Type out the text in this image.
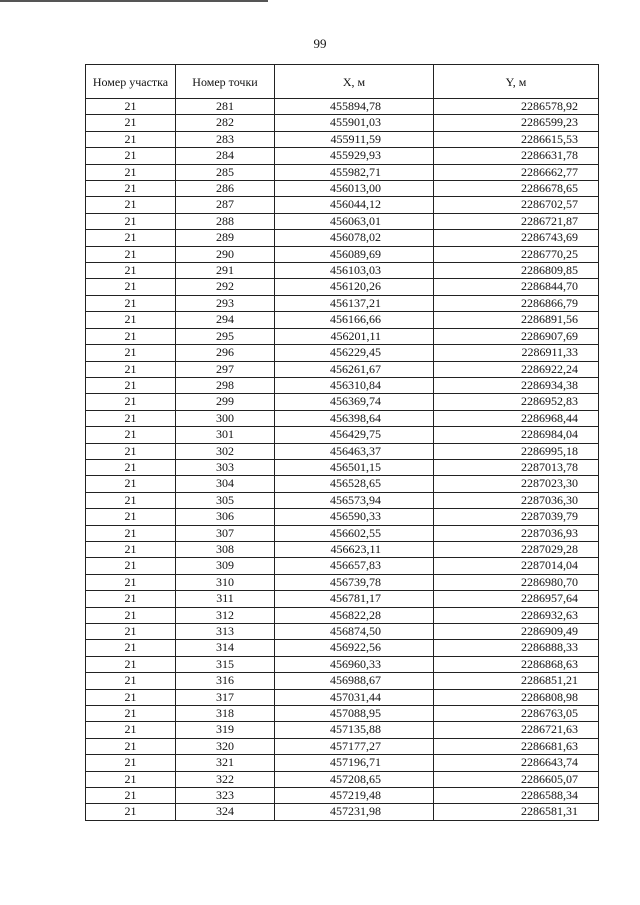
99
Номер участка	Номер точки	X, м	Y, м
21	281	455894,78	2286578,92
21	282	455901,03	2286599,23
21	283	455911,59	2286615,53
21	284	455929,93	2286631,78
21	285	455982,71	2286662,77
21	286	456013,00	2286678,65
21	287	456044,12	2286702,57
21	288	456063,01	2286721,87
21	289	456078,02	2286743,69
21	290	456089,69	2286770,25
21	291	456103,03	2286809,85
21	292	456120,26	2286844,70
21	293	456137,21	2286866,79
21	294	456166,66	2286891,56
21	295	456201,11	2286907,69
21	296	456229,45	2286911,33
21	297	456261,67	2286922,24
21	298	456310,84	2286934,38
21	299	456369,74	2286952,83
21	300	456398,64	2286968,44
21	301	456429,75	2286984,04
21	302	456463,37	2286995,18
21	303	456501,15	2287013,78
21	304	456528,65	2287023,30
21	305	456573,94	2287036,30
21	306	456590,33	2287039,79
21	307	456602,55	2287036,93
21	308	456623,11	2287029,28
21	309	456657,83	2287014,04
21	310	456739,78	2286980,70
21	311	456781,17	2286957,64
21	312	456822,28	2286932,63
21	313	456874,50	2286909,49
21	314	456922,56	2286888,33
21	315	456960,33	2286868,63
21	316	456988,67	2286851,21
21	317	457031,44	2286808,98
21	318	457088,95	2286763,05
21	319	457135,88	2286721,63
21	320	457177,27	2286681,63
21	321	457196,71	2286643,74
21	322	457208,65	2286605,07
21	323	457219,48	2286588,34
21	324	457231,98	2286581,31
